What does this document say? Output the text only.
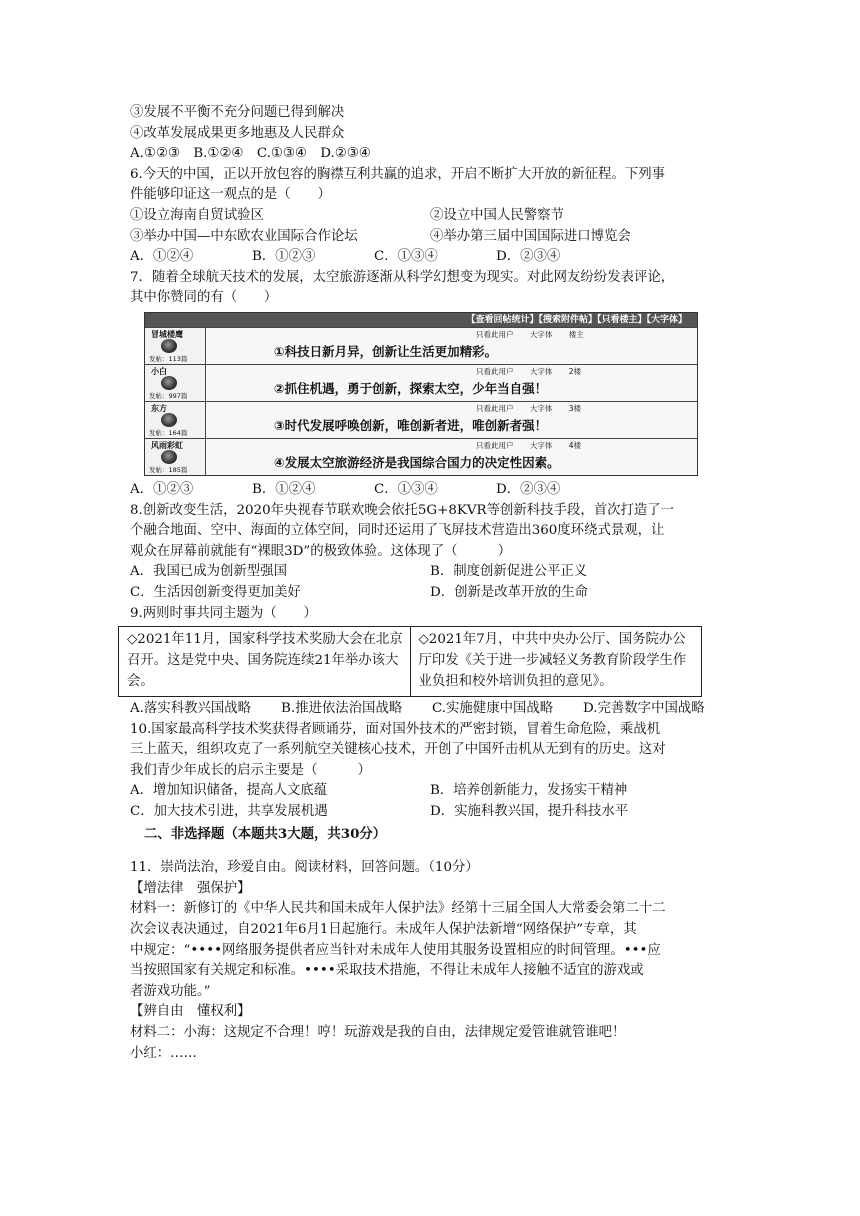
③发展不平衡不充分问题已得到解决
④改革发展成果更多地惠及人民群众
A.①②③　B.①②④　C.①③④　D.②③④
6.今天的中国，正以开放包容的胸襟互利共赢的追求，开启不断扩大开放的新征程。下列事
件能够印证这一观点的是（　　）
①设立海南自贸试验区	②设立中国人民警察节
③举办中国—中东欧农业国际合作论坛	④举办第三届中国国际进口博览会
A．①②④	B．①②③	C．①③④	D．②③④
7．随着全球航天技术的发展，太空旅游逐渐从科学幻想变为现实。对此网友纷纷发表评论，
其中你赞同的有（　　）
【查看回帖统计】【搜索附件帖】【只看楼主】【大字体】
冒城楼鹰
发帖：113篇
只看此用户 大字体 楼主
①科技日新月异，创新让生活更加精彩。
小白
发帖：997篇
只看此用户 大字体 2楼
②抓住机遇，勇于创新，探索太空，少年当自强！
东方
发帖：164篇
只看此用户 大字体 3楼
③时代发展呼唤创新，唯创新者进，唯创新者强！
风雨彩虹
发帖：185篇
只看此用户 大字体 4楼
④发展太空旅游经济是我国综合国力的决定性因素。
A．①②③	B．①②④	C．①③④	D．②③④
8.创新改变生活，2020年央视春节联欢晚会依托5G+8KVR等创新科技手段，首次打造了一
个融合地面、空中、海面的立体空间，同时还运用了飞屏技术营造出360度环绕式景观，让
观众在屏幕前就能有“裸眼3D”的极致体验。这体现了（　　　）
A．我国已成为创新型强国	B．制度创新促进公平正义
C．生活因创新变得更加美好	D．创新是改革开放的生命
9.两则时事共同主题为（　　）
◇2021年11月，国家科学技术奖励大会在北京召开。这是党中央、国务院连续21年举办该大会。
◇2021年7月，中共中央办公厅、国务院办公厅印发《关于进一步减轻义务教育阶段学生作业负担和校外培训负担的意见》。
A.落实科教兴国战略 B.推进依法治国战略 C.实施健康中国战略 D.完善数字中国战略
10.国家最高科学技术奖获得者顾诵芬，面对国外技术的严密封锁，冒着生命危险，乘战机
三上蓝天，组织攻克了一系列航空关键核心技术，开创了中国歼击机从无到有的历史。这对
我们青少年成长的启示主要是（　　　）
A．增加知识储备，提高人文底蕴	B．培养创新能力，发扬实干精神
C．加大技术引进，共享发展机遇	D．实施科教兴国，提升科技水平
二、非选择题（本题共3大题，共30分）
11．崇尚法治，珍爱自由。阅读材料，回答问题。（10分）
【增法律　强保护】
材料一：新修订的《中华人民共和国未成年人保护法》经第十三届全国人大常委会第二十二
次会议表决通过，自2021年6月1日起施行。未成年人保护法新增“网络保护”专章，其
中规定：“••••网络服务提供者应当针对未成年人使用其服务设置相应的时间管理。•••应
当按照国家有关规定和标准。••••采取技术措施，不得让未成年人接触不适宜的游戏或
者游戏功能。”
【辨自由　懂权利】
材料二：小海：这规定不合理！哼！玩游戏是我的自由，法律规定爱管谁就管谁吧！
小红：……
